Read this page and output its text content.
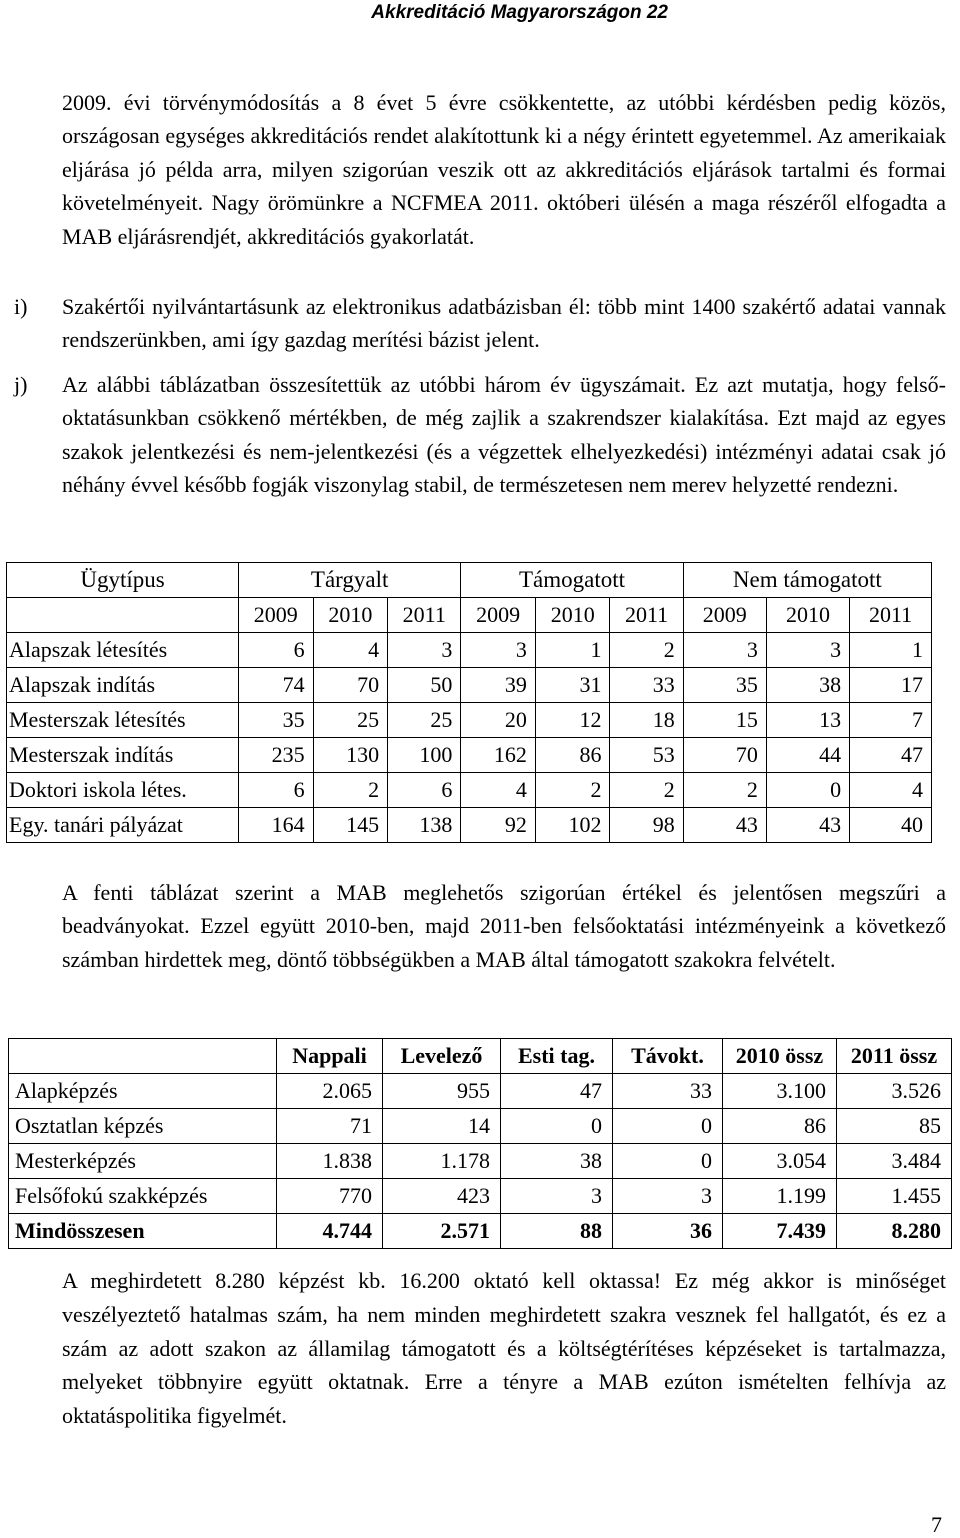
Akkreditáció Magyarországon 22
2009. évi törvénymódosítás a 8 évet 5 évre csökkentette, az utóbbi kérdésben pedig közös, országosan egységes akkreditációs rendet alakítottunk ki a négy érintett egyetemmel. Az amerikaiak eljárása jó példa arra, milyen szigorúan veszik ott az akkreditációs eljárások tartalmi és formai követelményeit. Nagy örömünkre a NCFMEA 2011. októberi ülésén a maga részéről elfogadta a MAB eljárásrendjét, akkreditációs gyakorlatát.
i) Szakértői nyilvántartásunk az elektronikus adatbázisban él: több mint 1400 szakértő adatai vannak rendszerünkben, ami így gazdag merítési bázist jelent.
j) Az alábbi táblázatban összesítettük az utóbbi három év ügyszámait. Ez azt mutatja, hogy felső-oktatásunkban csökkenő mértékben, de még zajlik a szakrendszer kialakítása. Ezt majd az egyes szakok jelentkezési és nem-jelentkezési (és a végzettek elhelyezkedési) intézményi adatai csak jó néhány évvel később fogják viszonylag stabil, de természetesen nem merev helyzetté rendezni.
Ügytípus	Tárgyalt			Támogatott			Nem támogatott		
	2009	2010	2011	2009	2010	2011	2009	2010	2011
Alapszak létesítés	6	4	3	3	1	2	3	3	1
Alapszak indítás	74	70	50	39	31	33	35	38	17
Mesterszak létesítés	35	25	25	20	12	18	15	13	7
Mesterszak indítás	235	130	100	162	86	53	70	44	47
Doktori iskola létes.	6	2	6	4	2	2	2	0	4
Egy. tanári pályázat	164	145	138	92	102	98	43	43	40
A fenti táblázat szerint a MAB meglehetős szigorúan értékel és jelentősen megszűri a beadványokat. Ezzel együtt 2010-ben, majd 2011-ben felsőoktatási intézményeink a következő számban hirdettek meg, döntő többségükben a MAB által támogatott szakokra felvételt.
	Nappali	Levelező	Esti tag.	Távokt.	2010 össz	2011 össz
Alapképzés	2.065	955	47	33	3.100	3.526
Osztatlan képzés	71	14	0	0	86	85
Mesterképzés	1.838	1.178	38	0	3.054	3.484
Felsőfokú szakképzés	770	423	3	3	1.199	1.455
Mindösszesen	4.744	2.571	88	36	7.439	8.280
A meghirdetett 8.280 képzést kb. 16.200 oktató kell oktassa! Ez még akkor is minőséget veszélyeztető hatalmas szám, ha nem minden meghirdetett szakra vesznek fel hallgatót, és ez a szám az adott szakon az államilag támogatott és a költségtérítéses képzéseket is tartalmazza, melyeket többnyire együtt oktatnak. Erre a tényre a MAB ezúton ismételten felhívja az oktatáspolitika figyelmét.
7
